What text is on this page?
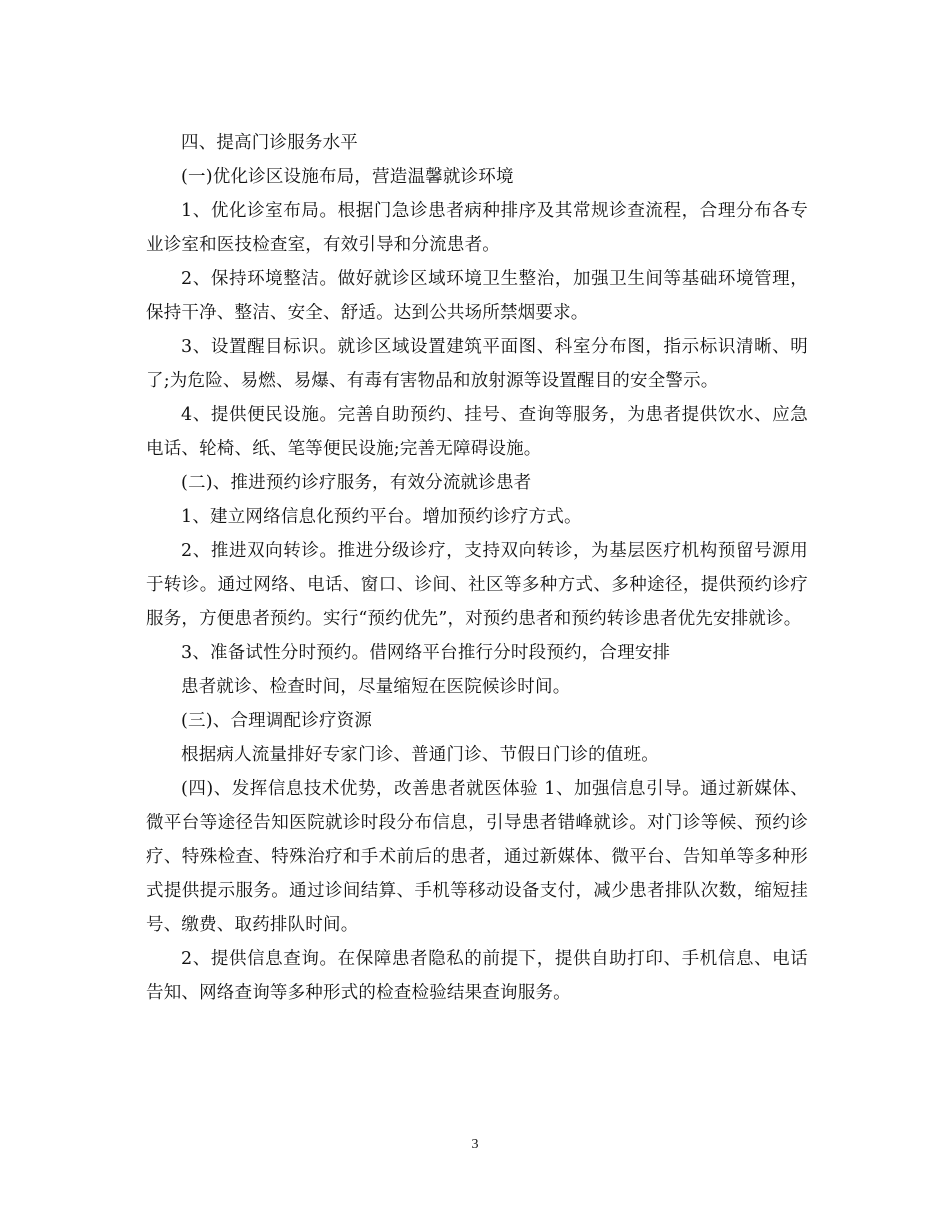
四、提高门诊服务水平

(一)优化诊区设施布局，营造温馨就诊环境

1、优化诊室布局。根据门急诊患者病种排序及其常规诊查流程，合理分布各专业诊室和医技检查室，有效引导和分流患者。

2、保持环境整洁。做好就诊区域环境卫生整治，加强卫生间等基础环境管理，保持干净、整洁、安全、舒适。达到公共场所禁烟要求。

3、设置醒目标识。就诊区域设置建筑平面图、科室分布图，指示标识清晰、明了;为危险、易燃、易爆、有毒有害物品和放射源等设置醒目的安全警示。

4、提供便民设施。完善自助预约、挂号、查询等服务，为患者提供饮水、应急电话、轮椅、纸、笔等便民设施;完善无障碍设施。

(二)、推进预约诊疗服务，有效分流就诊患者

1、建立网络信息化预约平台。增加预约诊疗方式。

2、推进双向转诊。推进分级诊疗，支持双向转诊，为基层医疗机构预留号源用于转诊。通过网络、电话、窗口、诊间、社区等多种方式、多种途径，提供预约诊疗服务，方便患者预约。实行“预约优先”，对预约患者和预约转诊患者优先安排就诊。

3、准备试性分时预约。借网络平台推行分时段预约，合理安排

患者就诊、检查时间，尽量缩短在医院候诊时间。

(三)、合理调配诊疗资源

根据病人流量排好专家门诊、普通门诊、节假日门诊的值班。

(四)、发挥信息技术优势，改善患者就医体验 1、加强信息引导。通过新媒体、微平台等途径告知医院就诊时段分布信息，引导患者错峰就诊。对门诊等候、预约诊疗、特殊检查、特殊治疗和手术前后的患者，通过新媒体、微平台、告知单等多种形式提供提示服务。通过诊间结算、手机等移动设备支付，减少患者排队次数，缩短挂号、缴费、取药排队时间。

2、提供信息查询。在保障患者隐私的前提下，提供自助打印、手机信息、电话告知、网络查询等多种形式的检查检验结果查询服务。

3
